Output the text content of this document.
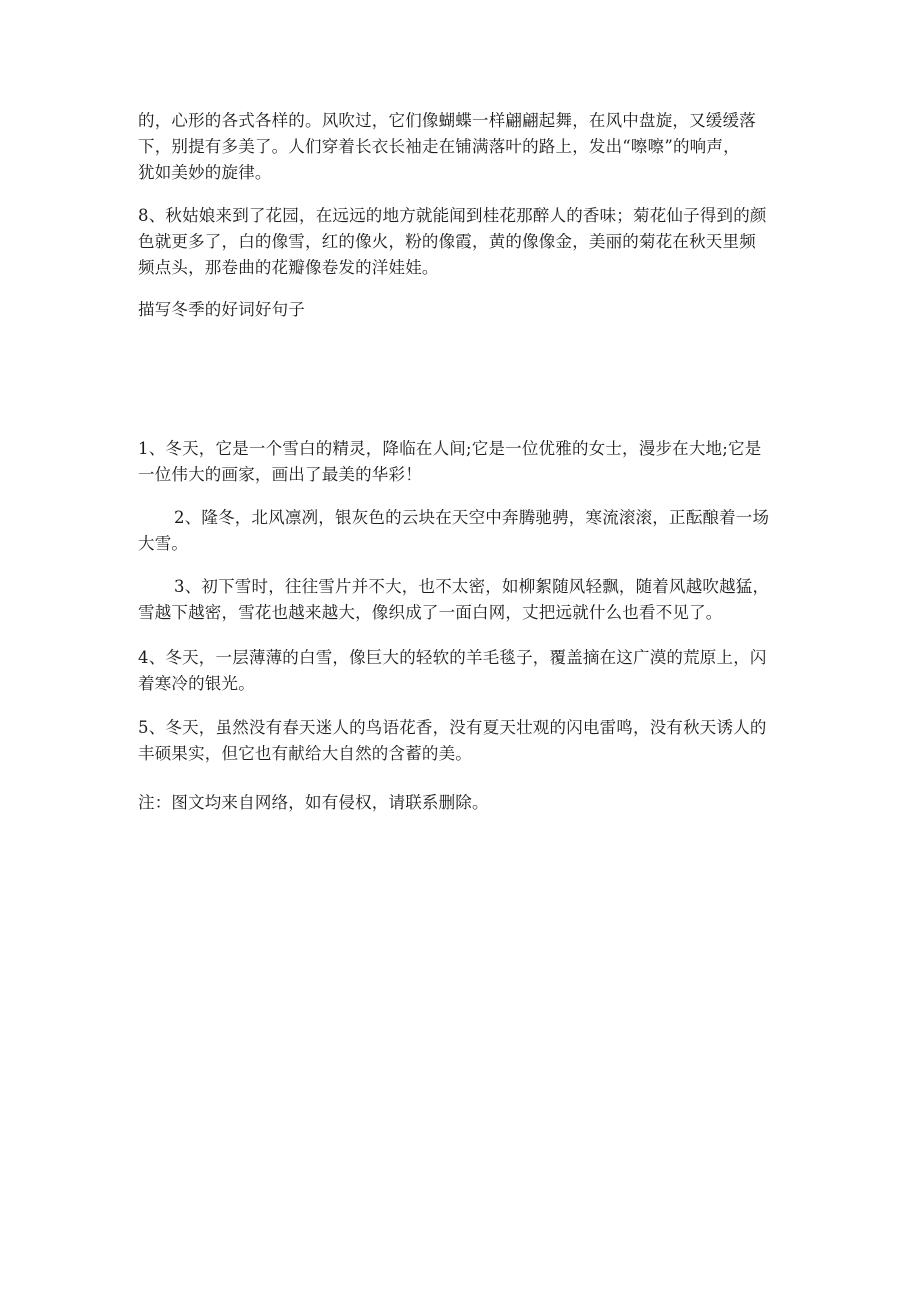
的，心形的各式各样的。风吹过，它们像蝴蝶一样翩翩起舞，在风中盘旋，又缓缓落
下，别提有多美了。人们穿着长衣长袖走在铺满落叶的路上，发出“嚓嚓”的响声，
犹如美妙的旋律。

8、秋姑娘来到了花园，在远远的地方就能闻到桂花那醉人的香味；菊花仙子得到的颜
色就更多了，白的像雪，红的像火，粉的像霞，黄的像像金，美丽的菊花在秋天里频
频点头，那卷曲的花瓣像卷发的洋娃娃。

描写冬季的好词好句子

1、冬天，它是一个雪白的精灵，降临在人间;它是一位优雅的女士，漫步在大地;它是
一位伟大的画家，画出了最美的华彩！

2、隆冬，北风凛冽，银灰色的云块在天空中奔腾驰骋，寒流滚滚，正酝酿着一场
大雪。

3、初下雪时，往往雪片并不大，也不太密，如柳絮随风轻飘，随着风越吹越猛，
雪越下越密，雪花也越来越大，像织成了一面白网，丈把远就什么也看不见了。

4、冬天，一层薄薄的白雪，像巨大的轻软的羊毛毯子，覆盖摘在这广漠的荒原上，闪
着寒冷的银光。

5、冬天，虽然没有春天迷人的鸟语花香，没有夏天壮观的闪电雷鸣，没有秋天诱人的
丰硕果实，但它也有献给大自然的含蓄的美。

注：图文均来自网络，如有侵权，请联系删除。
